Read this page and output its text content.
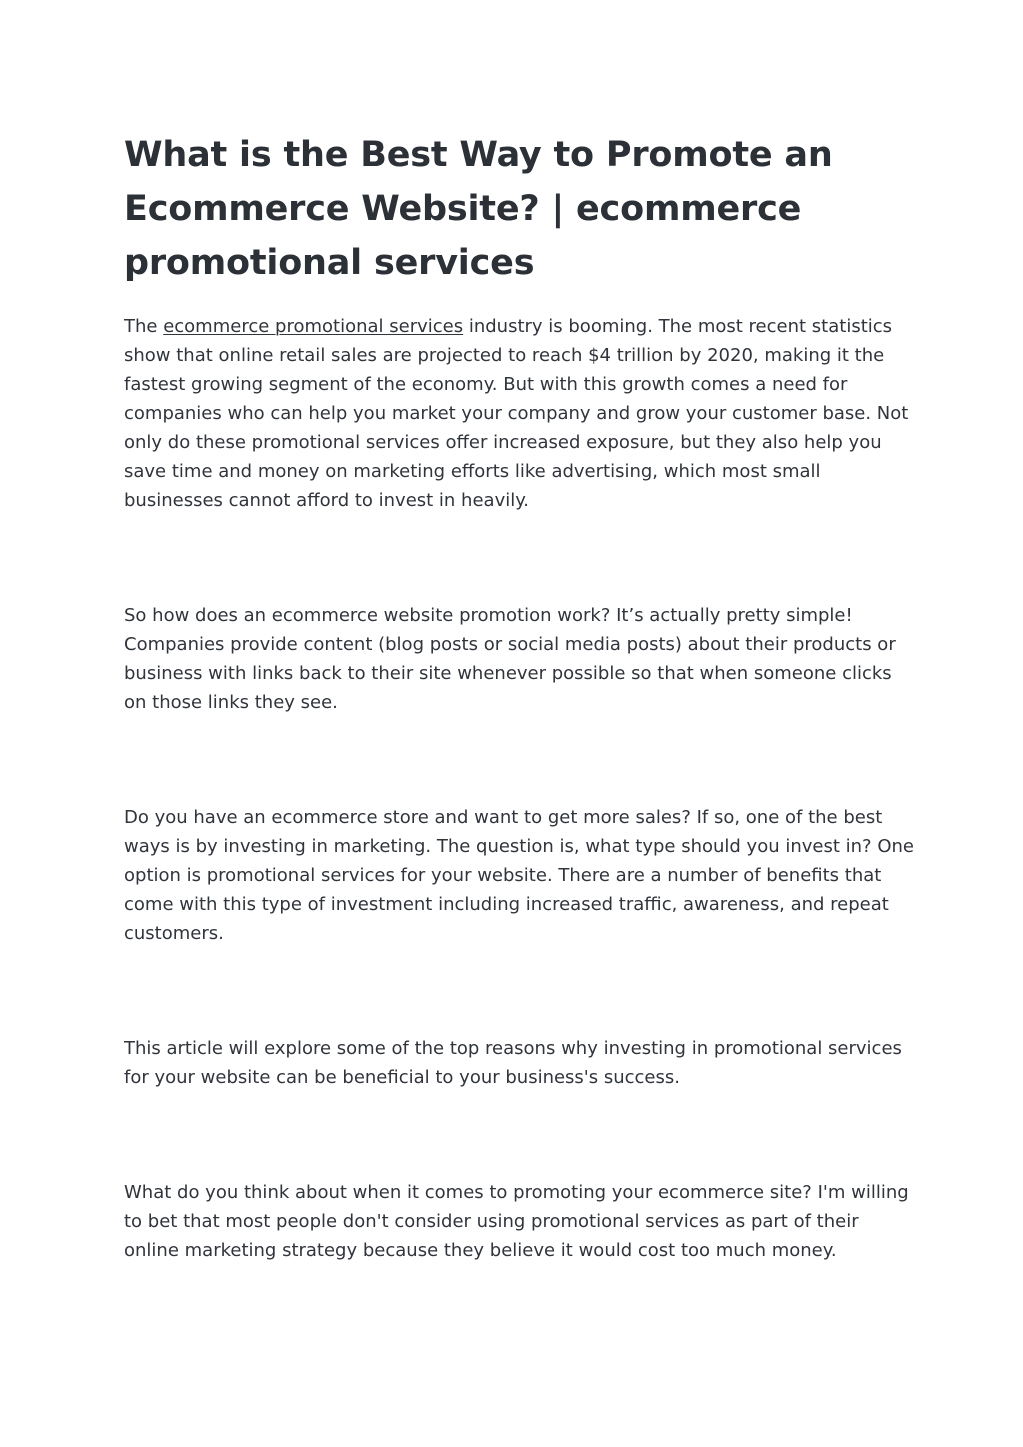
What is the Best Way to Promote an Ecommerce Website? | ecommerce promotional services

The ecommerce promotional services industry is booming. The most recent statistics show that online retail sales are projected to reach $4 trillion by 2020, making it the fastest growing segment of the economy. But with this growth comes a need for companies who can help you market your company and grow your customer base. Not only do these promotional services offer increased exposure, but they also help you save time and money on marketing efforts like advertising, which most small businesses cannot afford to invest in heavily.

So how does an ecommerce website promotion work? It’s actually pretty simple! Companies provide content (blog posts or social media posts) about their products or business with links back to their site whenever possible so that when someone clicks on those links they see.

Do you have an ecommerce store and want to get more sales? If so, one of the best ways is by investing in marketing. The question is, what type should you invest in? One option is promotional services for your website. There are a number of benefits that come with this type of investment including increased traffic, awareness, and repeat customers.

This article will explore some of the top reasons why investing in promotional services for your website can be beneficial to your business's success.

What do you think about when it comes to promoting your ecommerce site? I'm willing to bet that most people don't consider using promotional services as part of their online marketing strategy because they believe it would cost too much money.
